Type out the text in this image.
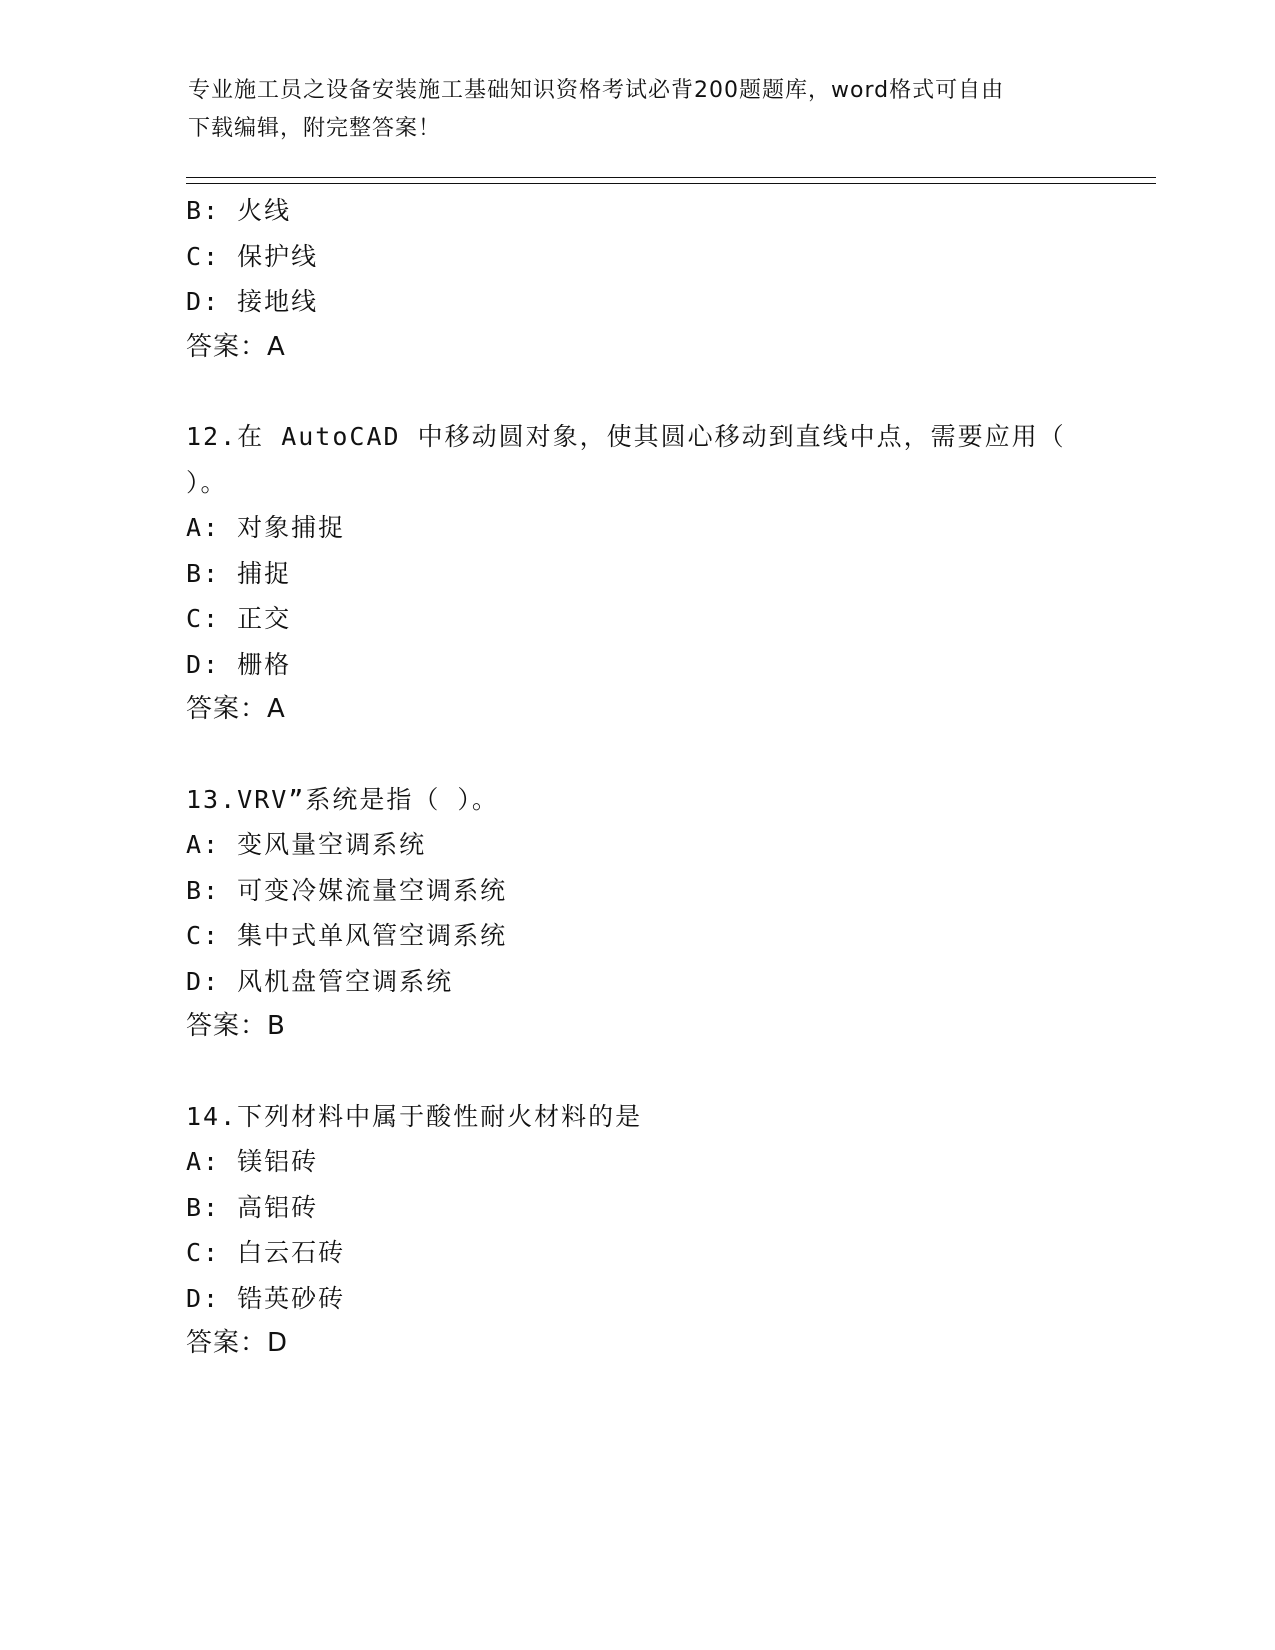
专业施工员之设备安装施工基础知识资格考试必背200题题库，word格式可自由
下载编辑，附完整答案！
B: 火线
C: 保护线
D: 接地线
答案：A
12.在 AutoCAD 中移动圆对象，使其圆心移动到直线中点，需要应用（
）。
A: 对象捕捉
B: 捕捉
C: 正交
D: 栅格
答案：A
13.VRV”系统是指（ ）。
A: 变风量空调系统
B: 可变冷媒流量空调系统
C: 集中式单风管空调系统
D: 风机盘管空调系统
答案：B
14.下列材料中属于酸性耐火材料的是
A: 镁铝砖
B: 高铝砖
C: 白云石砖
D: 锆英砂砖
答案：D
